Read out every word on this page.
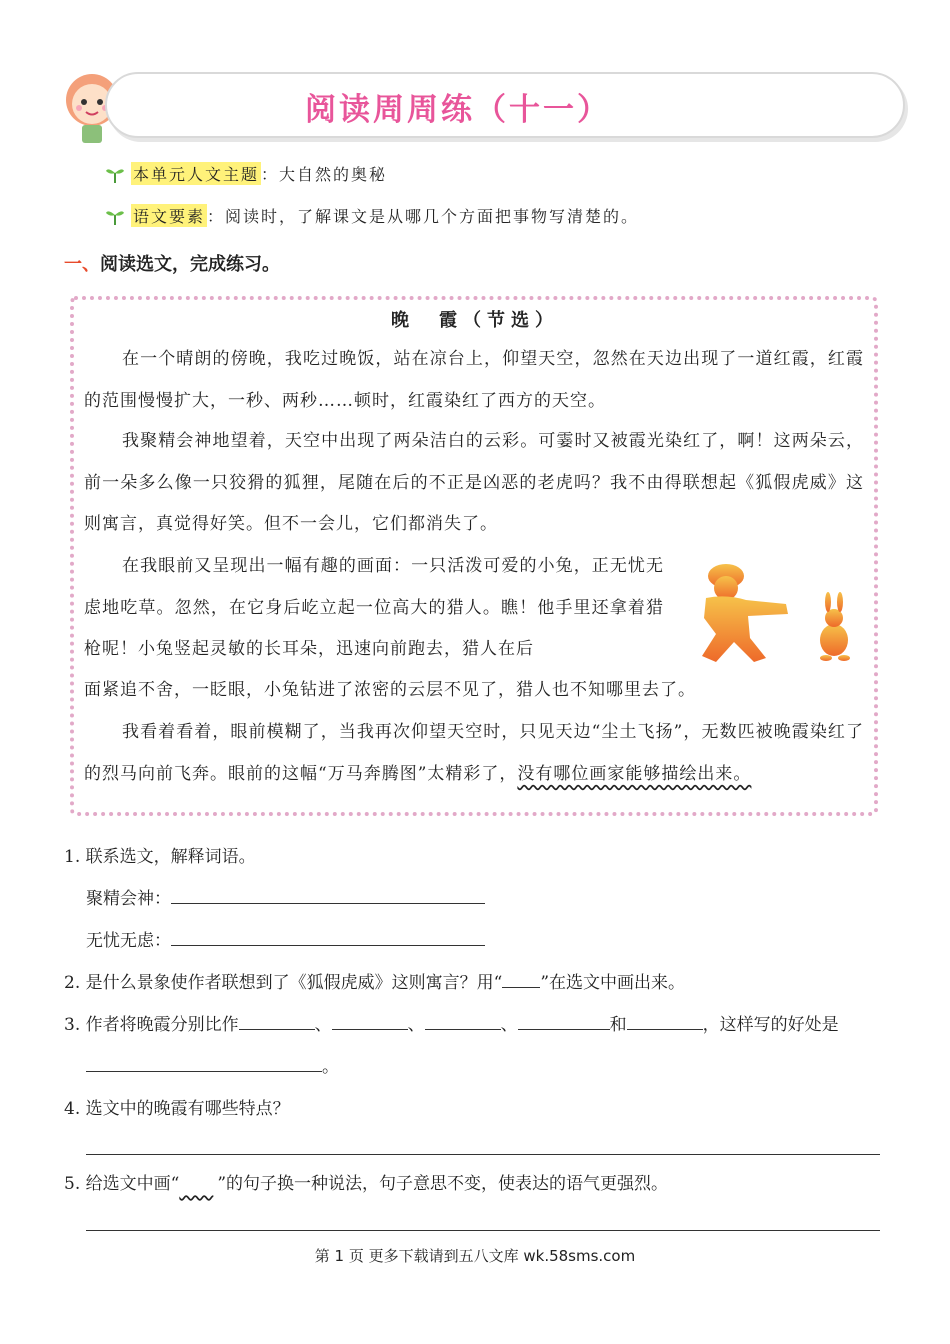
阅读周周练（十一）
本单元人文主题 ：大自然的奥秘
语文要素 ：阅读时，了解课文是从哪几个方面把事物写清楚的。
一、阅读选文，完成练习。
晚　霞（节选）

在一个晴朗的傍晚，我吃过晚饭，站在凉台上，仰望天空，忽然在天边出现了一道红霞，红霞的范围慢慢扩大，一秒、两秒……顿时，红霞染红了西方的天空。

我聚精会神地望着，天空中出现了两朵洁白的云彩。可霎时又被霞光染红了，啊！这两朵云，前一朵多么像一只狡猾的狐狸，尾随在后的不正是凶恶的老虎吗？我不由得联想起《狐假虎威》这则寓言，真觉得好笑。但不一会儿，它们都消失了。

在我眼前又呈现出一幅有趣的画面：一只活泼可爱的小兔，正无忧无虑地吃草。忽然，在它身后屹立起一位高大的猎人。瞧！他手里还拿着猎枪呢！小兔竖起灵敏的长耳朵，迅速向前跑去，猎人在后

面紧追不舍，一眨眼，小兔钻进了浓密的云层不见了，猎人也不知哪里去了。

我看着看着，眼前模糊了，当我再次仰望天空时，只见天边“尘土飞扬”，无数匹被晚霞染红了的烈马向前飞奔。眼前的这幅“万马奔腾图”太精彩了，没有哪位画家能够描绘出来。

1. 联系选文，解释词语。
聚精会神：
无忧无虑：
2. 是什么景象使作者联想到了《狐假虎威》这则寓言？用“ ”在选文中画出来。
3. 作者将晚霞分别比作	、	、	、	和	，这样写的好处是
。
4. 选文中的晚霞有哪些特点？
5. 给选文中画“　　 ”的句子换一种说法，句子意思不变，使表达的语气更强烈。
第 1 页 更多下载请到五八文库 wk.58sms.com
